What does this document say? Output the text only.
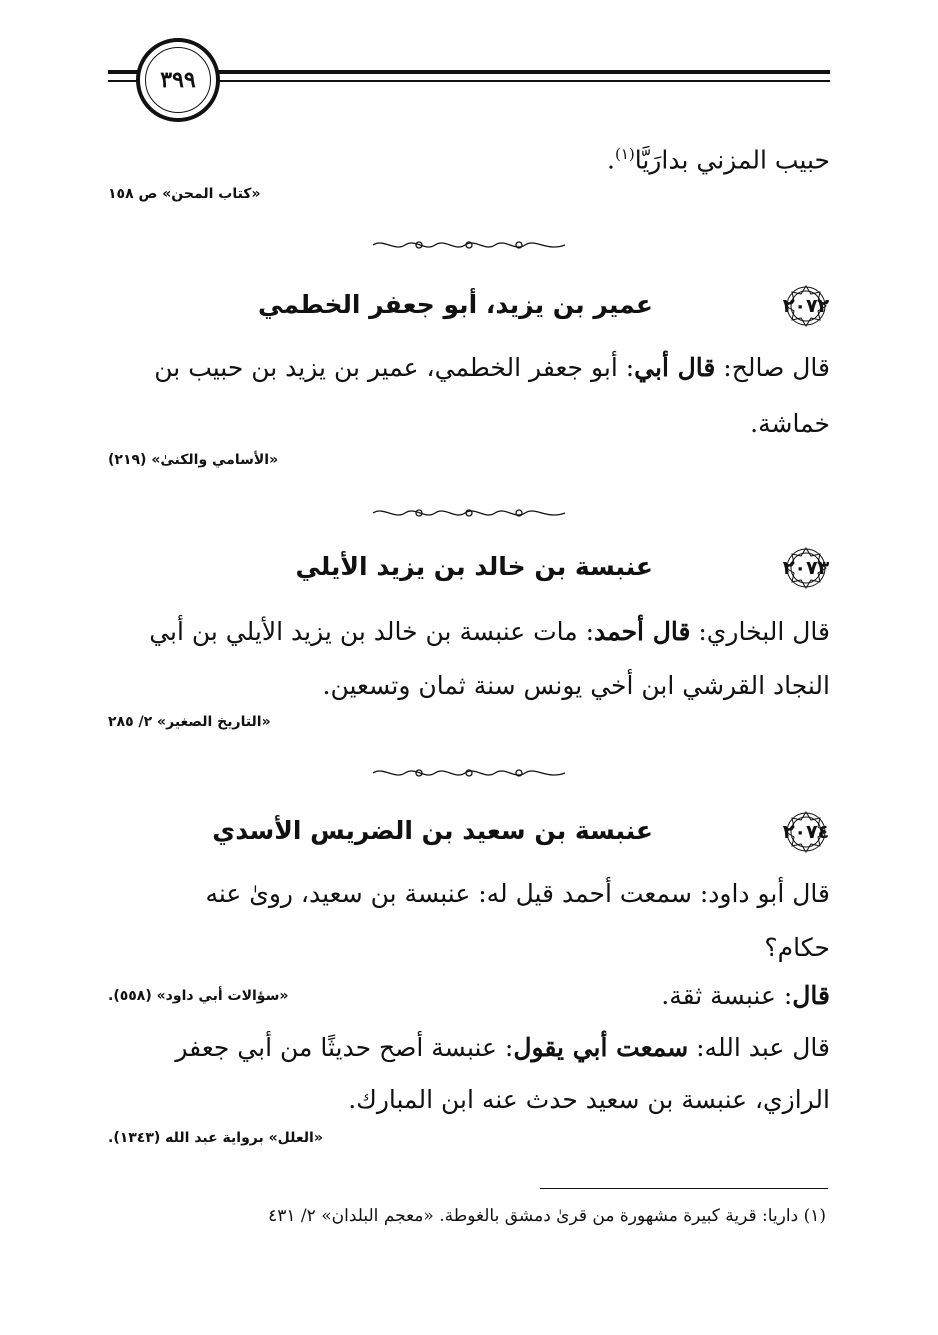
٣٩٩
حبيب المزني بدارَيَّا$^{(١)}$.
«كتاب المحن» ص ١٥٨
٢٠٧٢
عمير بن يزيد، أبو جعفر الخطمي
قال صالح: قال أبي: أبو جعفر الخطمي، عمير بن يزيد بن حبيب بن
خماشة.
«الأسامي والكنىٰ» (٢١٩)
٢٠٧٣
عنبسة بن خالد بن يزيد الأيلي
قال البخاري: قال أحمد: مات عنبسة بن خالد بن يزيد الأيلي بن أبي
النجاد القرشي ابن أخي يونس سنة ثمان وتسعين.
«التاريخ الصغير» ٢/ ٢٨٥
٢٠٧٤
عنبسة بن سعيد بن الضريس الأسدي
قال أبو داود: سمعت أحمد قيل له: عنبسة بن سعيد، روىٰ عنه
حكام؟
قال: عنبسة ثقة.
«سؤالات أبي داود» (٥٥٨).
قال عبد الله: سمعت أبي يقول: عنبسة أصح حديثًا من أبي جعفر
الرازي، عنبسة بن سعيد حدث عنه ابن المبارك.
«العلل» برواية عبد الله (١٣٤٣).
(١) داريا: قرية كبيرة مشهورة من قرىٰ دمشق بالغوطة. «معجم البلدان» ٢/ ٤٣١
